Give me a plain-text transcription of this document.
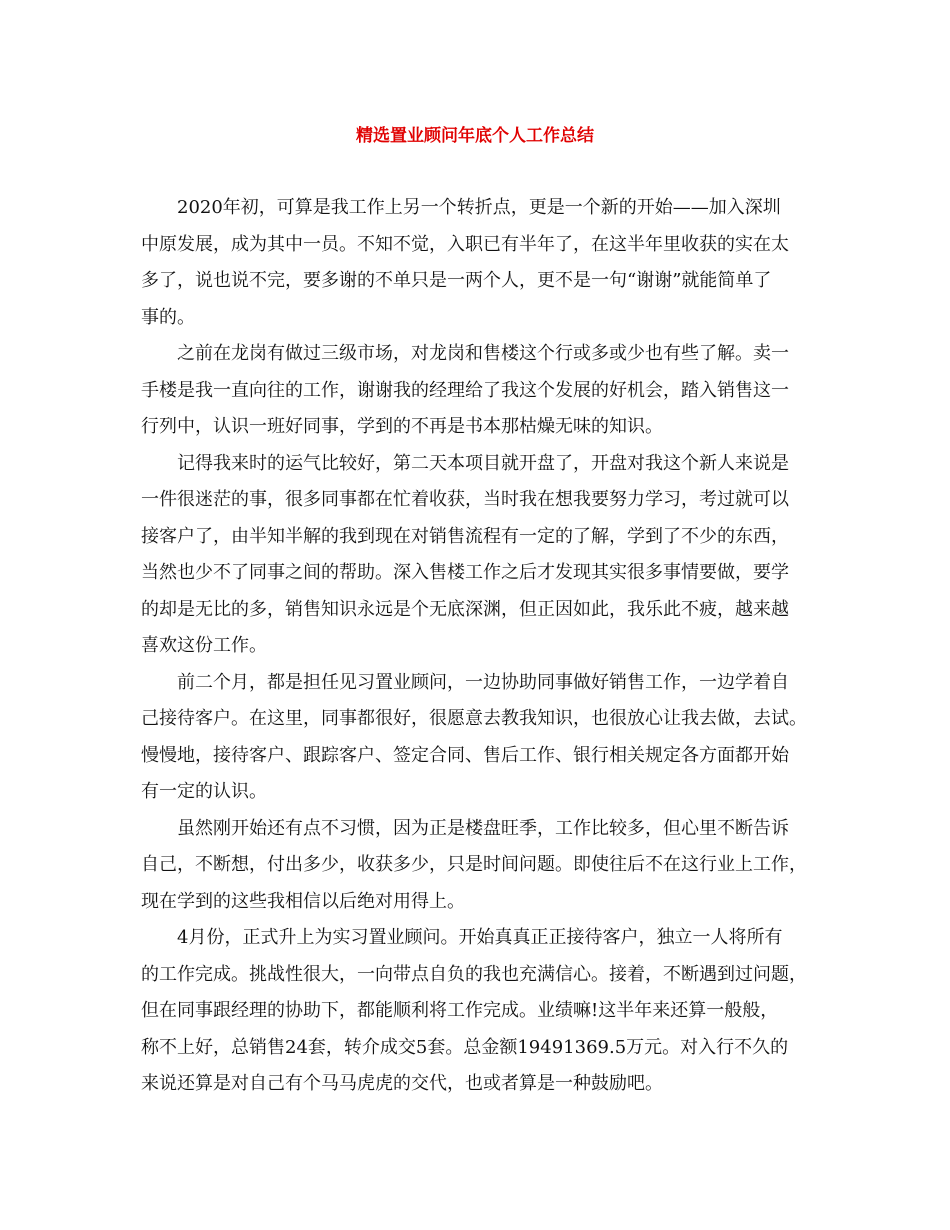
精选置业顾问年底个人工作总结

2020年初，可算是我工作上另一个转折点，更是一个新的开始——加入深圳
中原发展，成为其中一员。不知不觉，入职已有半年了，在这半年里收获的实在太
多了，说也说不完，要多谢的不单只是一两个人，更不是一句“谢谢”就能简单了
事的。

之前在龙岗有做过三级市场，对龙岗和售楼这个行或多或少也有些了解。卖一
手楼是我一直向往的工作，谢谢我的经理给了我这个发展的好机会，踏入销售这一
行列中，认识一班好同事，学到的不再是书本那枯燥无味的知识。

记得我来时的运气比较好，第二天本项目就开盘了，开盘对我这个新人来说是
一件很迷茫的事，很多同事都在忙着收获，当时我在想我要努力学习，考过就可以
接客户了，由半知半解的我到现在对销售流程有一定的了解，学到了不少的东西，
当然也少不了同事之间的帮助。深入售楼工作之后才发现其实很多事情要做，要学
的却是无比的多，销售知识永远是个无底深渊，但正因如此，我乐此不疲，越来越
喜欢这份工作。

前二个月，都是担任见习置业顾问，一边协助同事做好销售工作，一边学着自
己接待客户。在这里，同事都很好，很愿意去教我知识，也很放心让我去做，去试。
慢慢地，接待客户、跟踪客户、签定合同、售后工作、银行相关规定各方面都开始
有一定的认识。

虽然刚开始还有点不习惯，因为正是楼盘旺季，工作比较多，但心里不断告诉
自己，不断想，付出多少，收获多少，只是时间问题。即使往后不在这行业上工作，
现在学到的这些我相信以后绝对用得上。

4月份，正式升上为实习置业顾问。开始真真正正接待客户，独立一人将所有
的工作完成。挑战性很大，一向带点自负的我也充满信心。接着，不断遇到过问题，
但在同事跟经理的协助下，都能顺利将工作完成。业绩嘛!这半年来还算一般般，
称不上好，总销售24套，转介成交5套。总金额19491369.5万元。对入行不久的
来说还算是对自己有个马马虎虎的交代，也或者算是一种鼓励吧。
